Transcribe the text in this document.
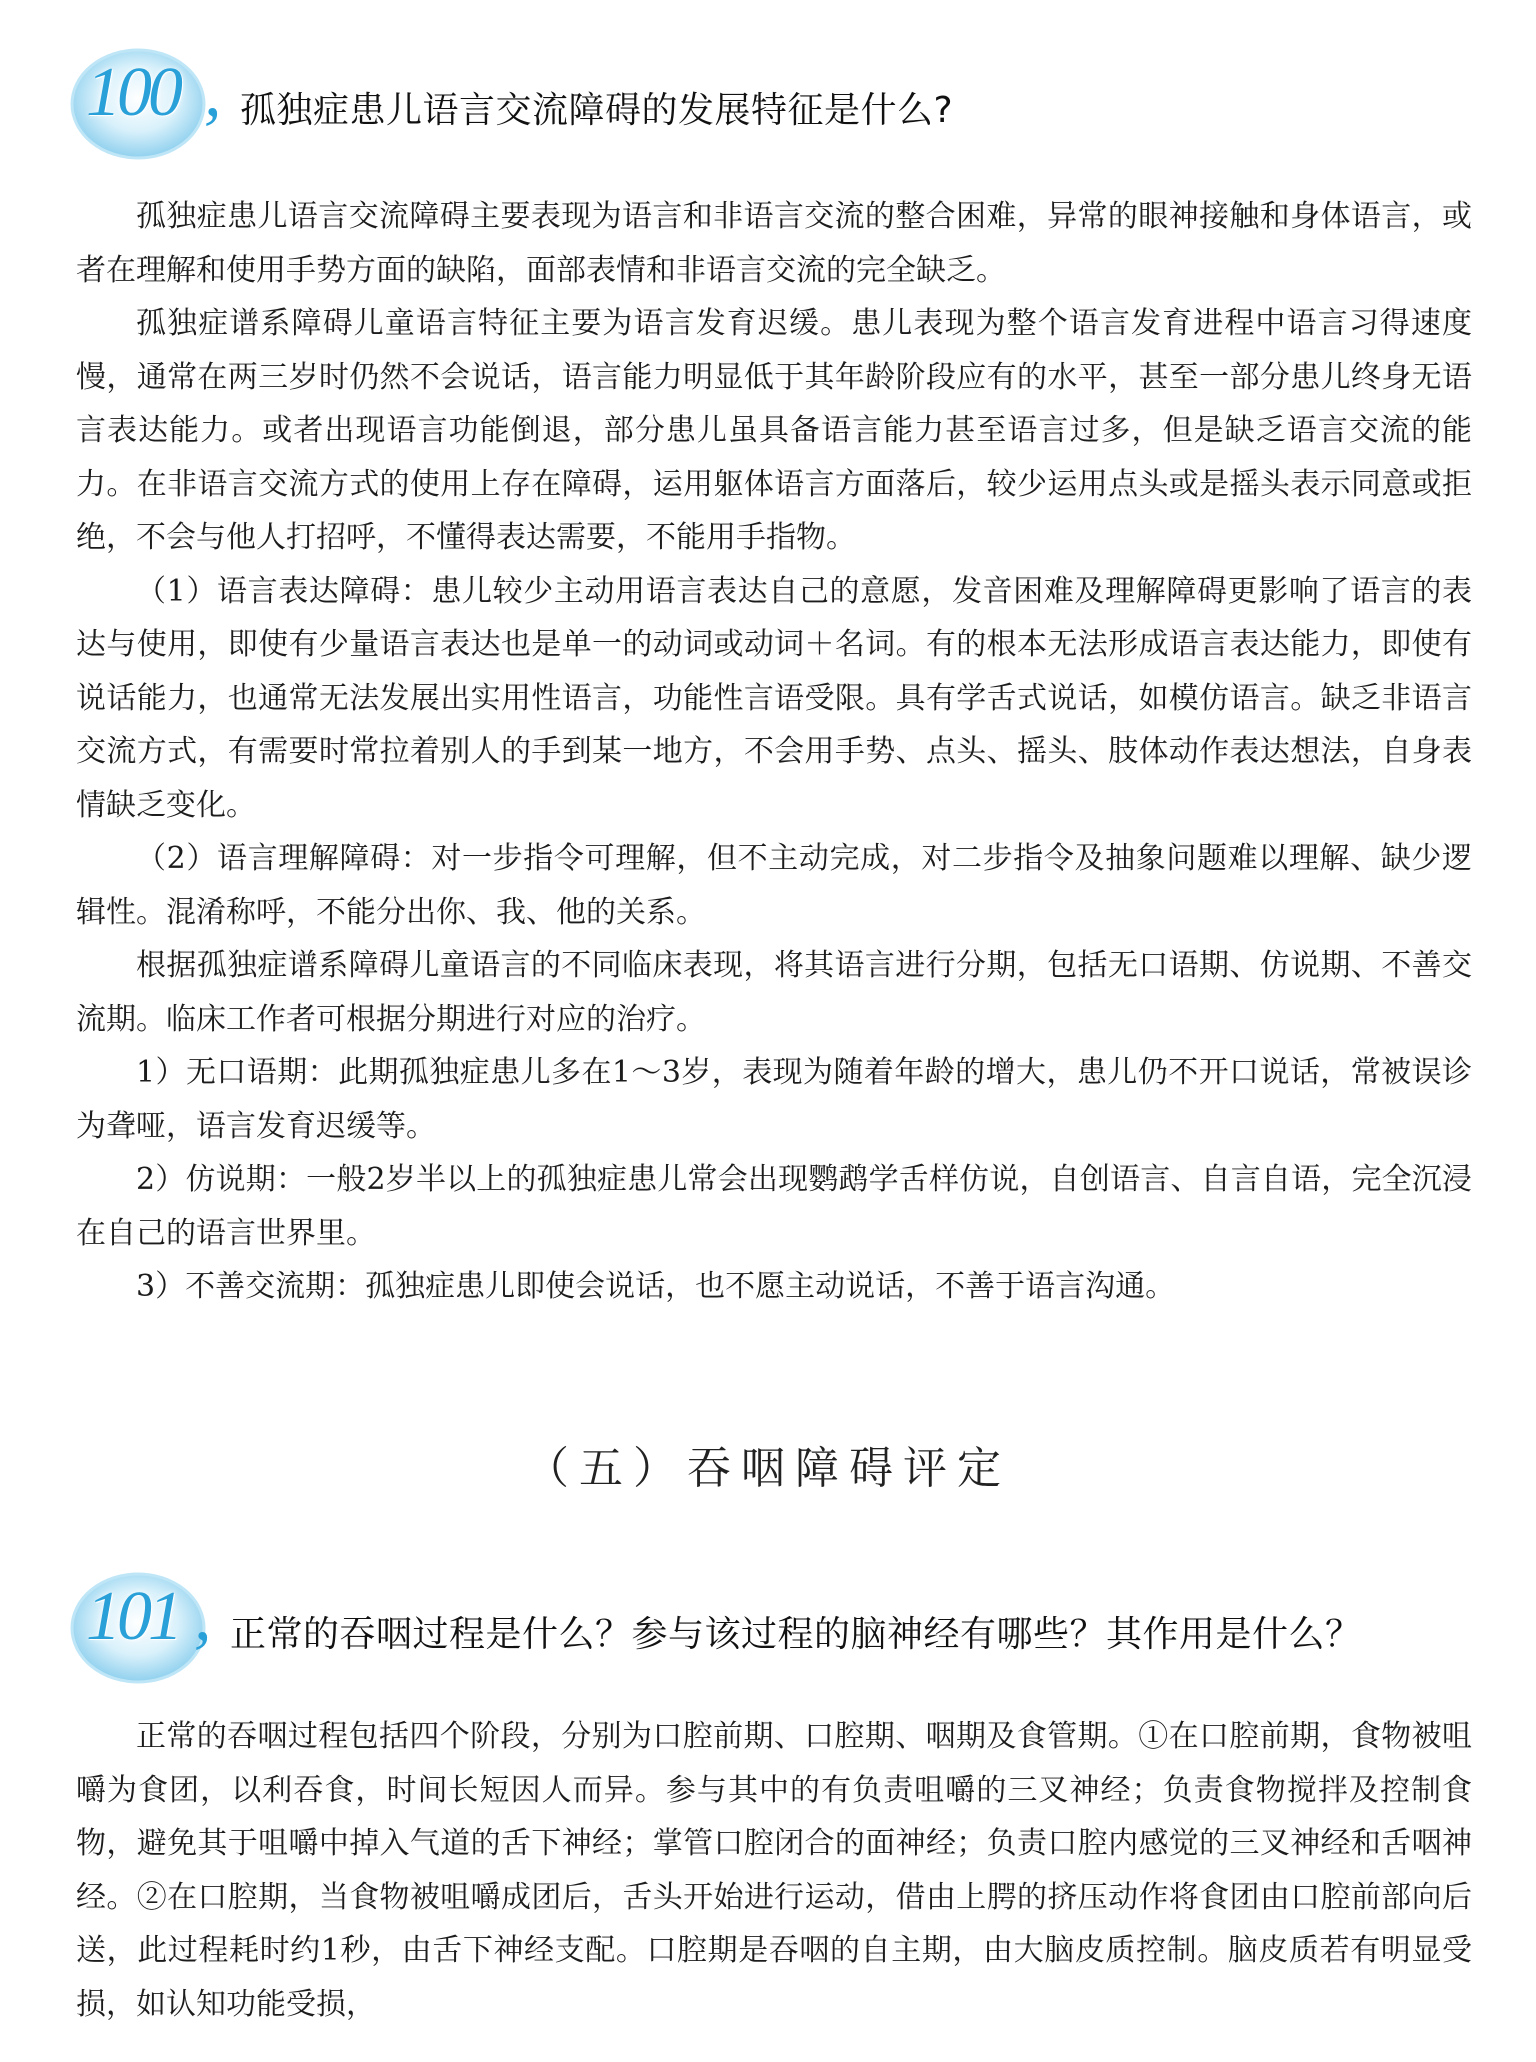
100 , 孤独症患儿语言交流障碍的发展特征是什么?

孤独症患儿语言交流障碍主要表现为语言和非语言交流的整合困难，异常的眼神接触和身体语言，或者在理解和使用手势方面的缺陷，面部表情和非语言交流的完全缺乏。

孤独症谱系障碍儿童语言特征主要为语言发育迟缓。患儿表现为整个语言发育进程中语言习得速度慢，通常在两三岁时仍然不会说话，语言能力明显低于其年龄阶段应有的水平，甚至一部分患儿终身无语言表达能力。或者出现语言功能倒退，部分患儿虽具备语言能力甚至语言过多，但是缺乏语言交流的能力。在非语言交流方式的使用上存在障碍，运用躯体语言方面落后，较少运用点头或是摇头表示同意或拒绝，不会与他人打招呼，不懂得表达需要，不能用手指物。

（1）语言表达障碍：患儿较少主动用语言表达自己的意愿，发音困难及理解障碍更影响了语言的表达与使用，即使有少量语言表达也是单一的动词或动词＋名词。有的根本无法形成语言表达能力，即使有说话能力，也通常无法发展出实用性语言，功能性言语受限。具有学舌式说话，如模仿语言。缺乏非语言交流方式，有需要时常拉着别人的手到某一地方，不会用手势、点头、摇头、肢体动作表达想法，自身表情缺乏变化。

（2）语言理解障碍：对一步指令可理解，但不主动完成，对二步指令及抽象问题难以理解、缺少逻辑性。混淆称呼，不能分出你、我、他的关系。

根据孤独症谱系障碍儿童语言的不同临床表现，将其语言进行分期，包括无口语期、仿说期、不善交流期。临床工作者可根据分期进行对应的治疗。

1）无口语期：此期孤独症患儿多在1～3岁，表现为随着年龄的增大，患儿仍不开口说话，常被误诊为聋哑，语言发育迟缓等。

2）仿说期：一般2岁半以上的孤独症患儿常会出现鹦鹉学舌样仿说，自创语言、自言自语，完全沉浸在自己的语言世界里。

3）不善交流期：孤独症患儿即使会说话，也不愿主动说话，不善于语言沟通。

（五）吞咽障碍评定
101 , 正常的吞咽过程是什么？参与该过程的脑神经有哪些？其作用是什么？

正常的吞咽过程包括四个阶段，分别为口腔前期、口腔期、咽期及食管期。①在口腔前期，食物被咀嚼为食团，以利吞食，时间长短因人而异。参与其中的有负责咀嚼的三叉神经；负责食物搅拌及控制食物，避免其于咀嚼中掉入气道的舌下神经；掌管口腔闭合的面神经；负责口腔内感觉的三叉神经和舌咽神经。②在口腔期，当食物被咀嚼成团后，舌头开始进行运动，借由上腭的挤压动作将食团由口腔前部向后送，此过程耗时约1秒，由舌下神经支配。口腔期是吞咽的自主期，由大脑皮质控制。脑皮质若有明显受损，如认知功能受损，
